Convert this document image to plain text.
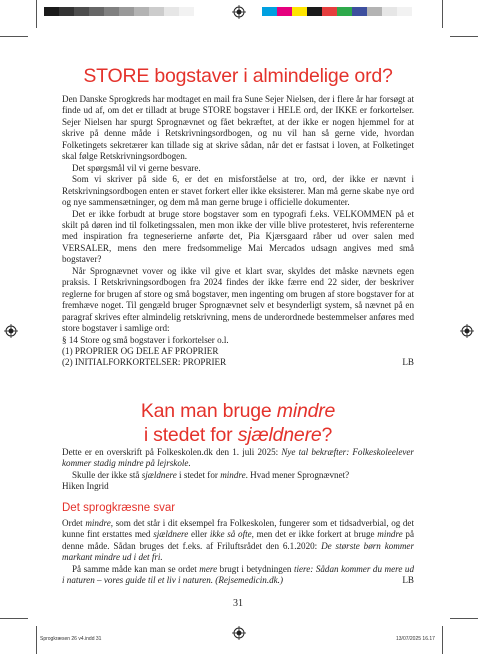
STORE bogstaver i almindelige ord?

Den Danske Sprogkreds har modtaget en mail fra Sune Sejer Nielsen, der i flere år har forsøgt at finde ud af, om det er tilladt at bruge STORE bogstaver i HELE ord, der IKKE er forkortelser. Sejer Nielsen har spurgt Sprognævnet og fået bekræftet, at der ikke er nogen hjemmel for at skrive på denne måde i Retskrivningsordbogen, og nu vil han så gerne vide, hvordan Folketingets sekretærer kan tillade sig at skrive sådan, når det er fastsat i loven, at Folketinget skal følge Retskrivningsordbogen.

Det spørgsmål vil vi gerne besvare.

Som vi skriver på side 6, er det en misforståelse at tro, ord, der ikke er nævnt i Retskrivningsordbogen enten er stavet forkert eller ikke eksisterer. Man må gerne skabe nye ord og nye sammensætninger, og dem må man gerne bruge i officielle dokumenter.

Det er ikke forbudt at bruge store bogstaver som en typografi f.eks. VELKOMMEN på et skilt på døren ind til folketingssalen, men mon ikke der ville blive protesteret, hvis referenterne med inspiration fra tegneserierne anførte det, Pia Kjærsgaard råber ud over salen med VERSALER, mens den mere fredsommelige Mai Mercados udsagn angives med små bogstaver?

Når Sprognævnet vover og ikke vil give et klart svar, skyldes det måske nævnets egen praksis. I Retskrivningsordbogen fra 2024 findes der ikke færre end 22 sider, der beskriver reglerne for brugen af store og små bogstaver, men ingenting om brugen af store bogstaver for at fremhæve noget. Til gengæld bruger Sprognævnet selv et besynderligt system, så nævnet på en paragraf skrives efter almindelig retskrivning, mens de underordnede bestemmelser anføres med store bogstaver i samlige ord:

§ 14 Store og små bogstaver i forkortelser o.l.

(1) PROPRIER OG DELE AF PROPRIER

(2) INITIALFORKORTELSER: PROPRIER	LB

Kan man bruge mindre
i stedet for sjældnere?

Dette er en overskrift på Folkeskolen.dk den 1. juli 2025: Nye tal bekræfter: Folkeskoleelever kommer stadig mindre på lejrskole.

Skulle der ikke stå sjældnere i stedet for mindre. Hvad mener Sprognævnet?

Hiken Ingrid

Det sprogkræsne svar

Ordet mindre, som det står i dit eksempel fra Folkeskolen, fungerer som et tidsadverbial, og det kunne fint erstattes med sjældnere eller ikke så ofte, men det er ikke forkert at bruge mindre på denne måde. Sådan bruges det f.eks. af Friluftsrådet den 6.1.2020: De største børn kommer markant mindre ud i det fri.

På samme måde kan man se ordet mere brugt i betydningen tiere: Sådan kommer du mere ud i naturen – vores guide til et liv i naturen. (Rejsemedicin.dk.)	LB

31
Sprogkræsen 26 v4.indd 31	13/07/2025 16.17
